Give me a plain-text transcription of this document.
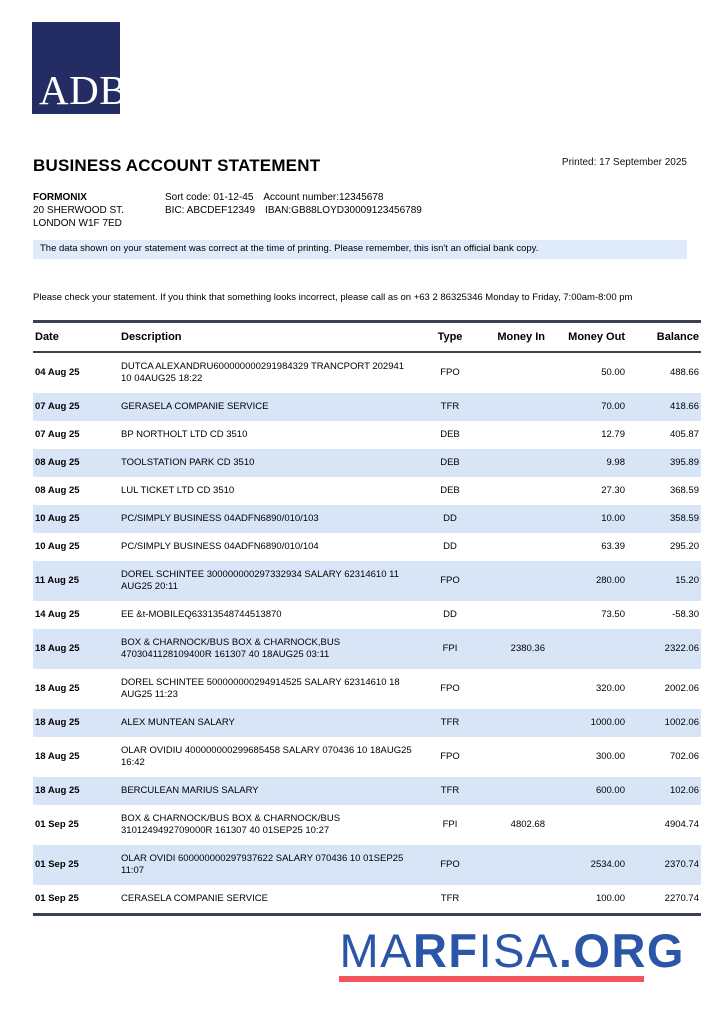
ADB
BUSINESS ACCOUNT STATEMENT	Printed: 17 September 2025
FORMONIX
20 SHERWOOD ST.
LONDON W1F 7ED
Sort code: 01-12-45 Account number:12345678
BIC: ABCDEF12349 IBAN:GB88LOYD30009123456789
The data shown on your statement was correct at the time of printing. Please remember, this isn't an official bank copy.
Please check your statement. If you think that something looks incorrect, please call as on +63 2 86325346 Monday to Friday, 7:00am-8:00 pm
Date	Description	Type	Money In	Money Out	Balance
04 Aug 25	DUTCA ALEXANDRU600000000291984329 TRANCPORT 202941 10 04AUG25 18:22	FPO		50.00	488.66
07 Aug 25	GERASELA COMPANIE SERVICE	TFR		70.00	418.66
07 Aug 25	BP NORTHOLT LTD CD 3510	DEB		12.79	405.87
08 Aug 25	TOOLSTATION PARK CD 3510	DEB		9.98	395.89
08 Aug 25	LUL TICKET LTD CD 3510	DEB		27.30	368.59
10 Aug 25	PC/SIMPLY BUSINESS 04ADFN6890/010/103	DD		10.00	358.59
10 Aug 25	PC/SIMPLY BUSINESS 04ADFN6890/010/104	DD		63.39	295.20
11 Aug 25	DOREL SCHINTEE 300000000297332934 SALARY 62314610 11 AUG25 20:11	FPO		280.00	15.20
14 Aug 25	EE &t-MOBILEQ63313548744513870	DD		73.50	-58.30
18 Aug 25	BOX & CHARNOCK/BUS BOX & CHARNOCK,BUS 4703041128109400R 161307 40 18AUG25 03:11	FPI	2380.36		2322.06
18 Aug 25	DOREL SCHINTEE 500000000294914525 SALARY 62314610 18 AUG25 11:23	FPO		320.00	2002.06
18 Aug 25	ALEX MUNTEAN SALARY	TFR		1000.00	1002.06
18 Aug 25	OLAR OVIDIU 400000000299685458 SALARY 070436 10 18AUG25 16:42	FPO		300.00	702.06
18 Aug 25	BERCULEAN MARIUS SALARY	TFR		600.00	102.06
01 Sep 25	BOX & CHARNOCK/BUS BOX & CHARNOCK/BUS 3101249492709000R 161307 40 01SEP25 10:27	FPI	4802.68		4904.74
01 Sep 25	OLAR OVIDI 600000000297937622 SALARY 070436 10 01SEP25 11:07	FPO		2534.00	2370.74
01 Sep 25	CERASELA COMPANIE SERVICE	TFR		100.00	2270.74
MARFISA.ORG
